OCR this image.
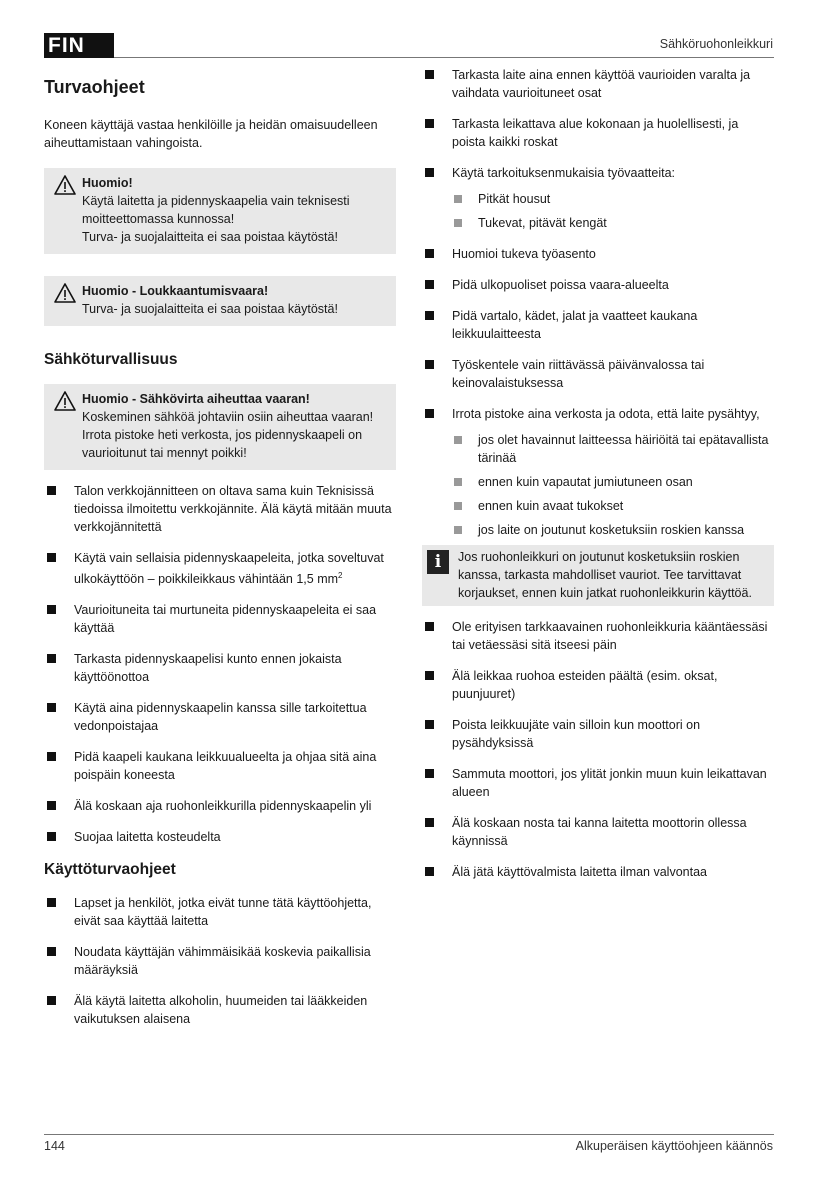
FIN	Sähköruohonleikkuri
Turvaohjeet

Koneen käyttäjä vastaa henkilöille ja heidän omaisuudelleen aiheuttamistaan vahingoista.

Huomio!
Käytä laitetta ja pidennyskaapelia vain teknisesti moitteettomassa kunnossa!
Turva- ja suojalaitteita ei saa poistaa käytöstä!
Huomio - Loukkaantumisvaara!
Turva- ja suojalaitteita ei saa poistaa käytöstä!
Sähköturvallisuus
Huomio - Sähkövirta aiheuttaa vaaran!
Koskeminen sähköä johtaviin osiin aiheuttaa vaaran! Irrota pistoke heti verkosta, jos pidennyskaapeli on vaurioitunut tai mennyt poikki!
Talon verkkojännitteen on oltava sama kuin Teknisissä tiedoissa ilmoitettu verkkojännite. Älä käytä mitään muuta verkkojännitettä
Käytä vain sellaisia pidennyskaapeleita, jotka soveltuvat ulkokäyttöön – poikkileikkaus vähintään 1,5 $mm^2$
Vaurioituneita tai murtuneita pidennyskaapeleita ei saa käyttää
Tarkasta pidennyskaapelisi kunto ennen jokaista käyttöönottoa
Käytä aina pidennyskaapelin kanssa sille tarkoitettua vedonpoistajaa
Pidä kaapeli kaukana leikkuualueelta ja ohjaa sitä aina poispäin koneesta
Älä koskaan aja ruohonleikkurilla pidennyskaapelin yli
Suojaa laitetta kosteudelta
Käyttöturvaohjeet
Lapset ja henkilöt, jotka eivät tunne tätä käyttöohjetta, eivät saa käyttää laitetta
Noudata käyttäjän vähimmäisikää koskevia paikallisia määräyksiä
Älä käytä laitetta alkoholin, huumeiden tai lääkkeiden vaikutuksen alaisena
Tarkasta laite aina ennen käyttöä vaurioiden varalta ja vaihdata vaurioituneet osat
Tarkasta leikattava alue kokonaan ja huolellisesti, ja poista kaikki roskat
Käytä tarkoituksenmukaisia työvaatteita:
Pitkät housut
Tukevat, pitävät kengät
Huomioi tukeva työasento
Pidä ulkopuoliset poissa vaara-alueelta
Pidä vartalo, kädet, jalat ja vaatteet kaukana leikkuulaitteesta
Työskentele vain riittävässä päivänvalossa tai keinovalaistuksessa
Irrota pistoke aina verkosta ja odota, että laite pysähtyy,
jos olet havainnut laitteessa häiriöitä tai epätavallista tärinää
ennen kuin vapautat jumiutuneen osan
ennen kuin avaat tukokset
jos laite on joutunut kosketuksiin roskien kanssa
i	Jos ruohonleikkuri on joutunut kosketuksiin roskien kanssa, tarkasta mahdolliset vauriot. Tee tarvittavat korjaukset, ennen kuin jatkat ruohonleikkurin käyttöä.
Ole erityisen tarkkaavainen ruohonleikkuria kääntäessäsi tai vetäessäsi sitä itseesi päin
Älä leikkaa ruohoa esteiden päältä (esim. oksat, puunjuuret)
Poista leikkuujäte vain silloin kun moottori on pysähdyksissä
Sammuta moottori, jos ylität jonkin muun kuin leikattavan alueen
Älä koskaan nosta tai kanna laitetta moottorin ollessa käynnissä
Älä jätä käyttövalmista laitetta ilman valvontaa
144	Alkuperäisen käyttöohjeen käännös
